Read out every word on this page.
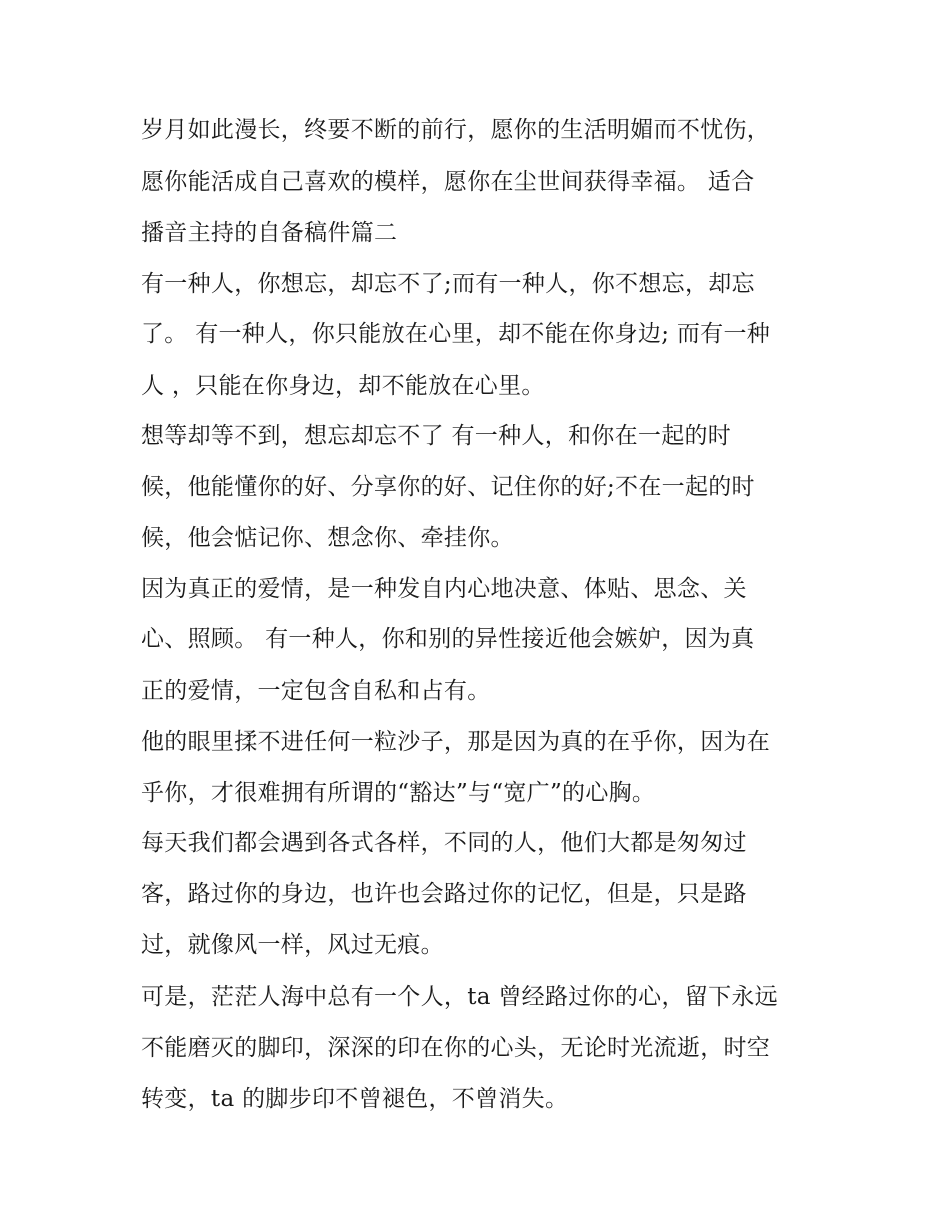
岁月如此漫长，终要不断的前行，愿你的生活明媚而不忧伤，
愿你能活成自己喜欢的模样，愿你在尘世间获得幸福。 适合
播音主持的自备稿件篇二
有一种人，你想忘，却忘不了;而有一种人，你不想忘，却忘
了。 有一种人，你只能放在心里，却不能在你身边; 而有一种
人 ，只能在你身边，却不能放在心里。
想等却等不到，想忘却忘不了 有一种人，和你在一起的时
候，他能懂你的好、分享你的好、记住你的好;不在一起的时
候，他会惦记你、想念你、牵挂你。
因为真正的爱情，是一种发自内心地决意、体贴、思念、关
心、照顾。 有一种人，你和别的异性接近他会嫉妒，因为真
正的爱情，一定包含自私和占有。
他的眼里揉不进任何一粒沙子，那是因为真的在乎你，因为在
乎你，才很难拥有所谓的“豁达”与“宽广”的心胸。
每天我们都会遇到各式各样，不同的人，他们大都是匆匆过
客，路过你的身边，也许也会路过你的记忆，但是，只是路
过，就像风一样，风过无痕。
可是，茫茫人海中总有一个人，ta 曾经路过你的心，留下永远
不能磨灭的脚印，深深的印在你的心头，无论时光流逝，时空
转变，ta 的脚步印不曾褪色，不曾消失。
